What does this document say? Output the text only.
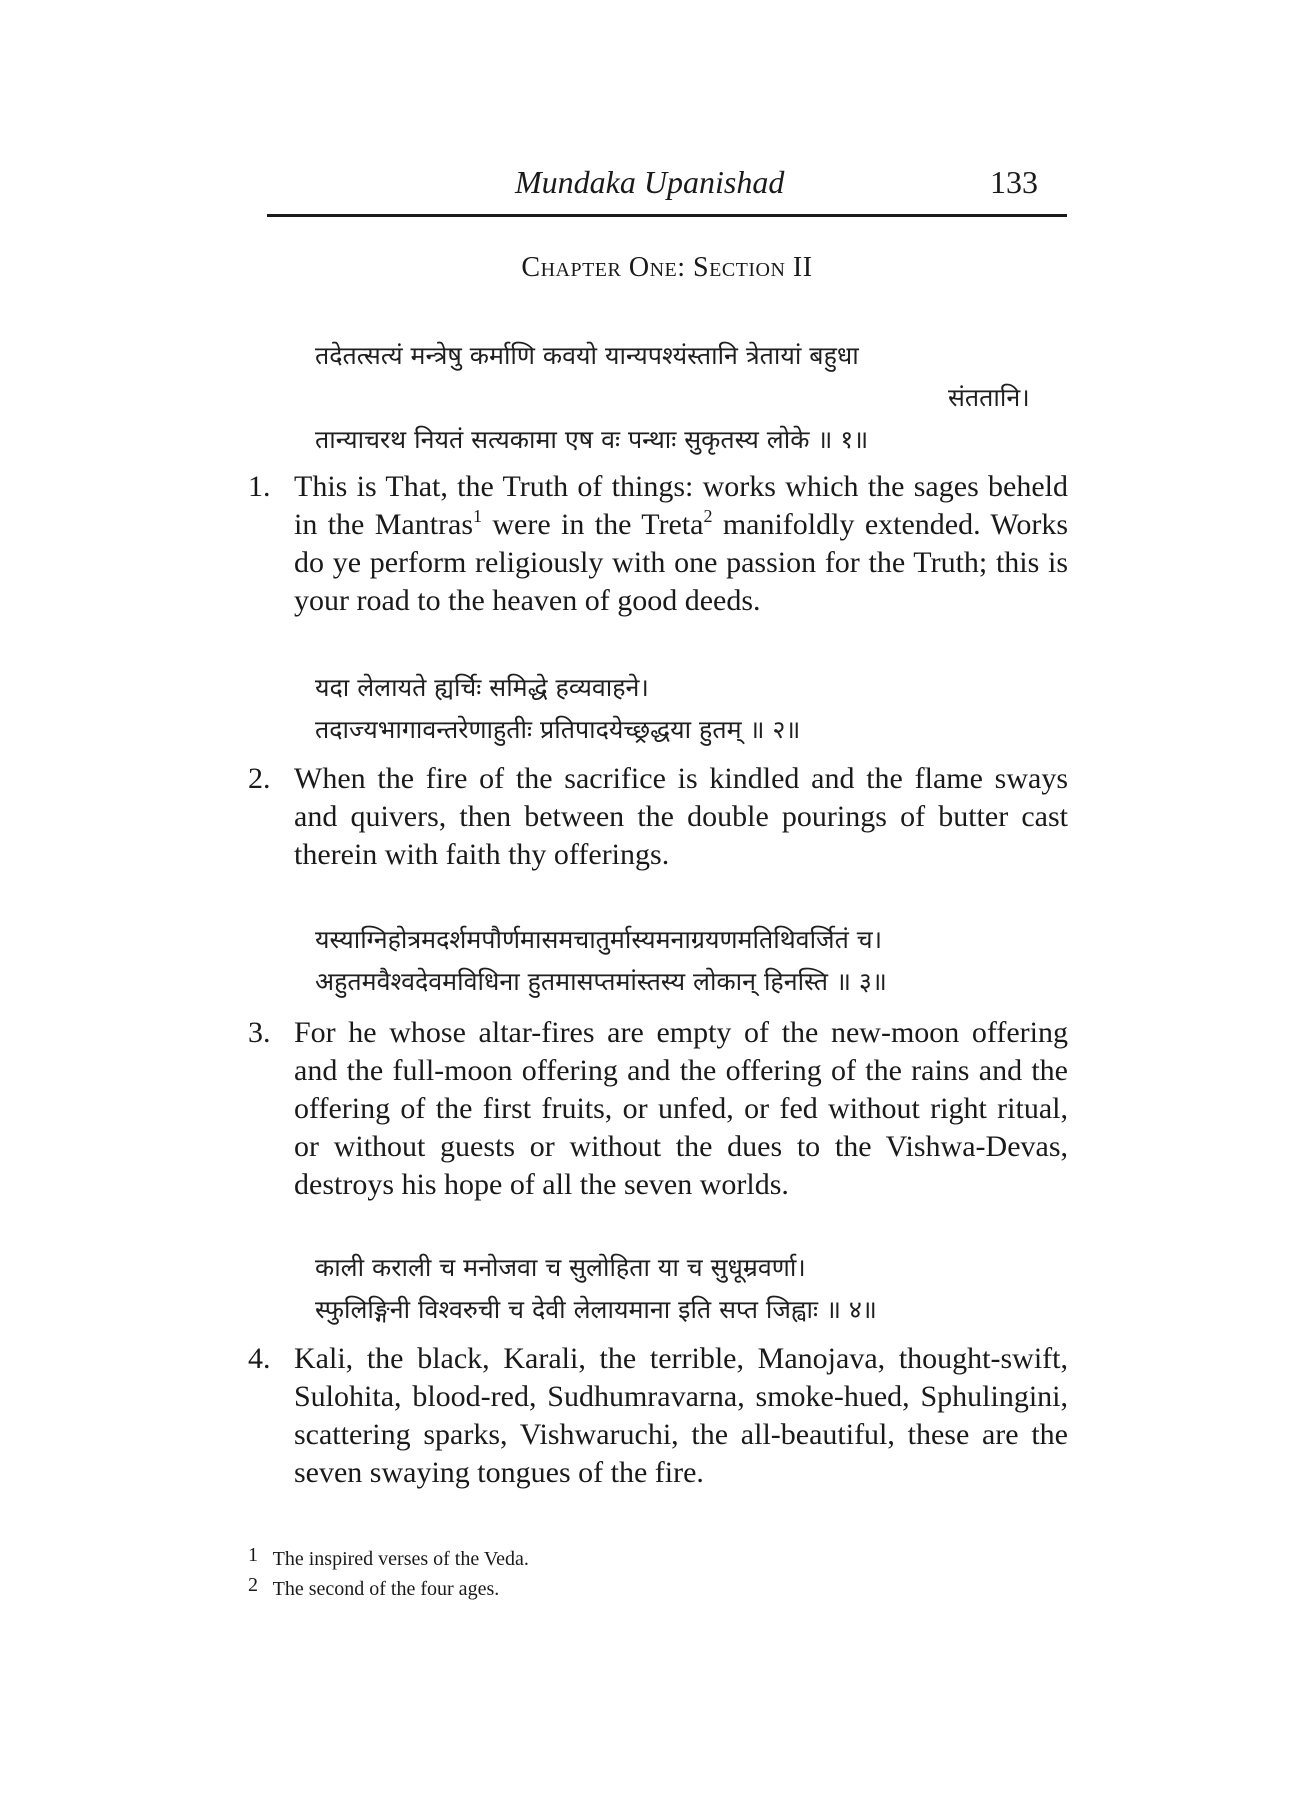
Mundaka Upanishad	133
Chapter One: Section II
तदेतत्सत्यं मन्त्रेषु कर्माणि कवयो यान्यपश्यंस्तानि त्रेतायां बहुधा
संततानि।
तान्याचरथ नियतं सत्यकामा एष वः पन्थाः सुकृतस्य लोके ॥ १॥
1. This is That, the Truth of things: works which the sages beheld in the Mantras$^1$ were in the Treta$^2$ manifoldly extended. Works do ye perform religiously with one passion for the Truth; this is your road to the heaven of good deeds.
यदा लेलायते ह्यर्चिः समिद्धे हव्यवाहने।
तदाज्यभागावन्तरेणाहुतीः प्रतिपादयेच्छ्रद्धया हुतम् ॥ २॥
2. When the fire of the sacrifice is kindled and the flame sways and quivers, then between the double pourings of butter cast therein with faith thy offerings.
यस्याग्निहोत्रमदर्शमपौर्णमासमचातुर्मास्यमनाग्रयणमतिथिवर्जितं च।
अहुतमवैश्वदेवमविधिना हुतमासप्तमांस्तस्य लोकान् हिनस्ति ॥ ३॥
3. For he whose altar-fires are empty of the new-moon offering and the full-moon offering and the offering of the rains and the offering of the first fruits, or unfed, or fed without right ritual, or without guests or without the dues to the Vishwa-Devas, destroys his hope of all the seven worlds.
काली कराली च मनोजवा च सुलोहिता या च सुधूम्रवर्णा।
स्फुलिङ्गिनी विश्वरुची च देवी लेलायमाना इति सप्त जिह्वाः ॥ ४॥
4. Kali, the black, Karali, the terrible, Manojava, thought-swift, Sulohita, blood-red, Sudhumravarna, smoke-hued, Sphulingini, scattering sparks, Vishwaruchi, the all-beautiful, these are the seven swaying tongues of the fire.
1 The inspired verses of the Veda.
2 The second of the four ages.
